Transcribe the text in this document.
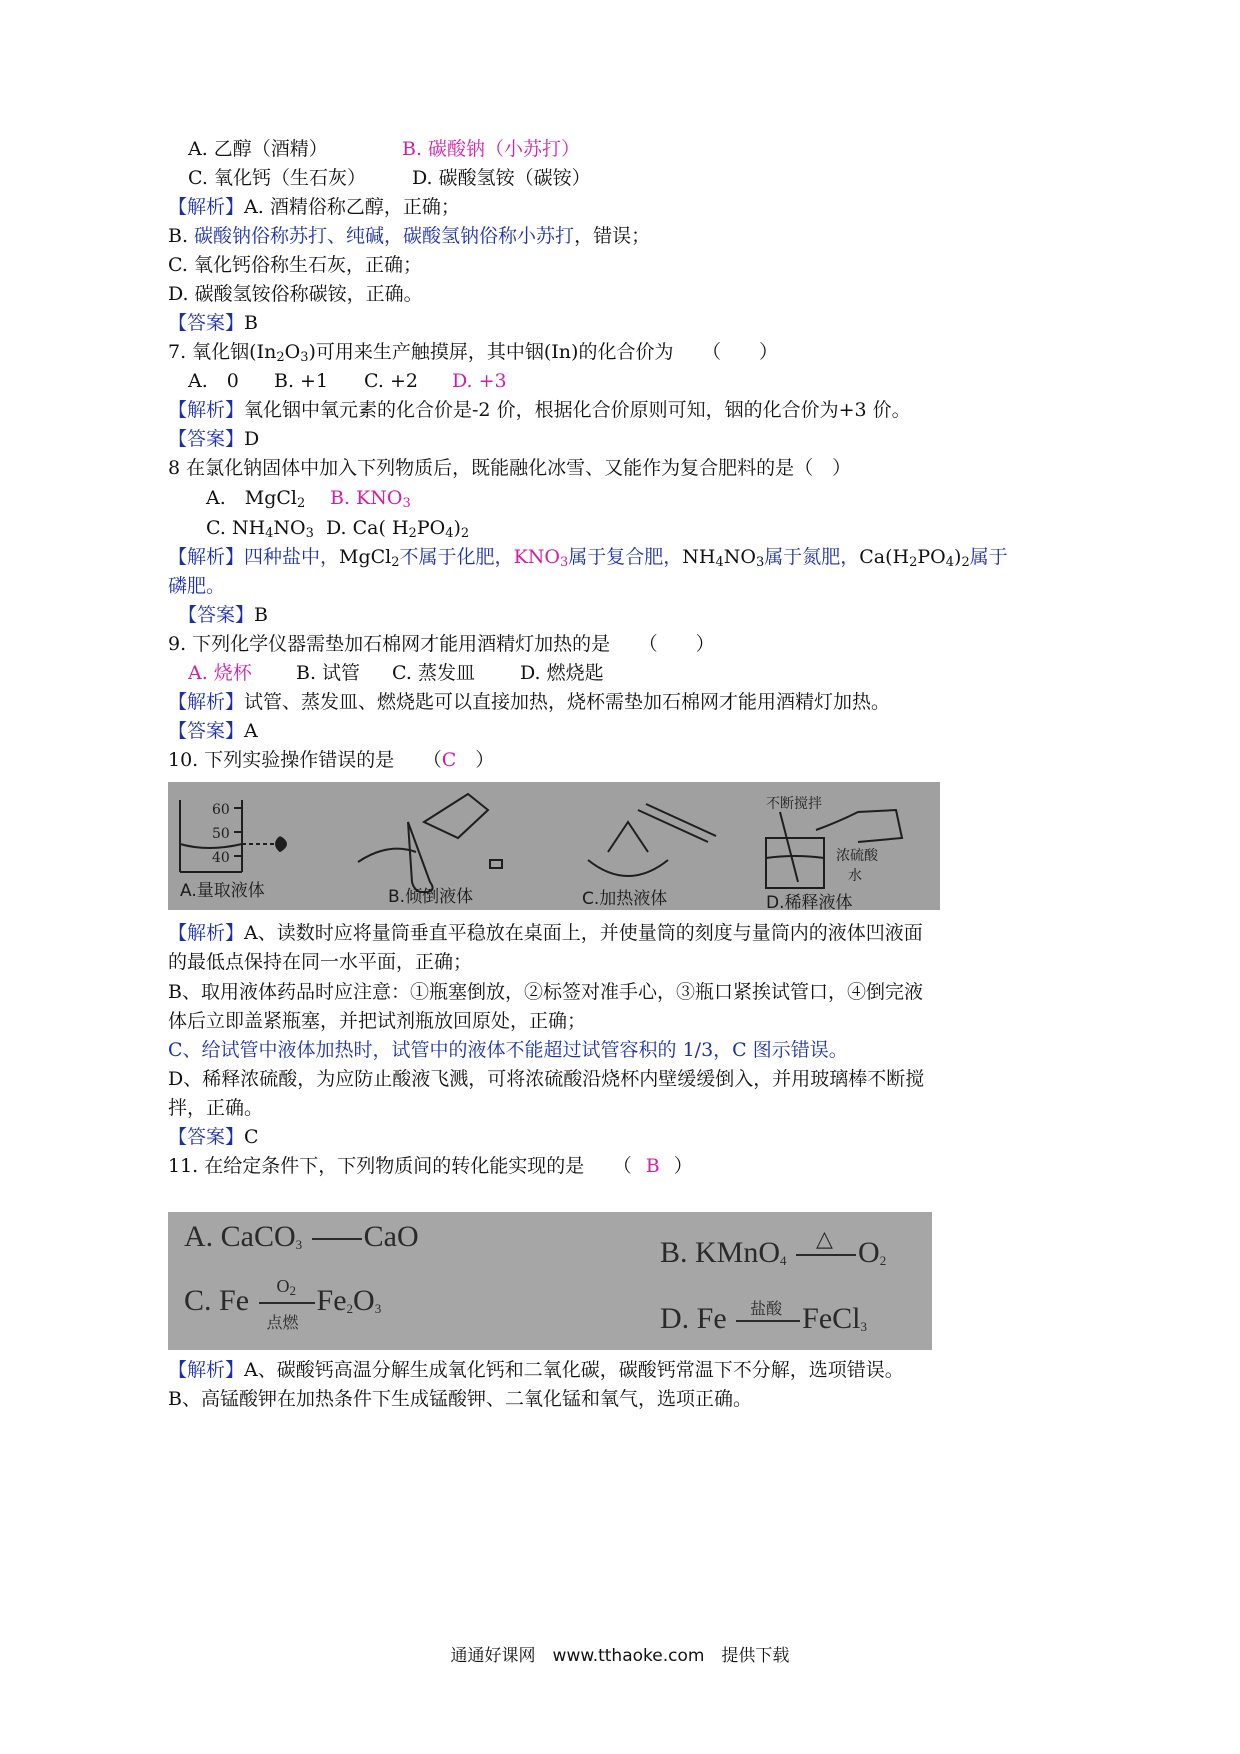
A. 乙醇（酒精）	B. 碳酸钠（小苏打）
C. 氧化钙（生石灰） D. 碳酸氢铵（碳铵）
【解析】A. 酒精俗称乙醇，正确；
B. 碳酸钠俗称苏打、纯碱，碳酸氢钠俗称小苏打，错误；
C. 氧化钙俗称生石灰，正确；
D. 碳酸氢铵俗称碳铵，正确。
【答案】B
7. 氧化铟$(In_2O_3)$可用来生产触摸屏，其中铟(In)的化合价为　　（　　）
A.　0 B. +1 C. +2 D. +3
【解析】氧化铟中氧元素的化合价是-2 价，根据化合价原则可知，铟的化合价为+3 价。
【答案】D
8 在氯化钠固体中加入下列物质后，既能融化冰雪、又能作为复合肥料的是（　）
A.　MgCl$_2$ B. $KNO_3$
C. $NH_4NO_3$ D. Ca( $H_2PO_4)_2$
【解析】四种盐中，MgCl$_2$不属于化肥，$KNO_3$属于复合肥，$NH_4NO_3$属于氮肥，$Ca(H_2PO_4)_2$属于
磷肥。
【答案】B
9. 下列化学仪器需垫加石棉网才能用酒精灯加热的是　　（　　）
A. 烧杯 B. 试管 C. 蒸发皿 D. 燃烧匙
【解析】试管、蒸发皿、燃烧匙可以直接加热，烧杯需垫加石棉网才能用酒精灯加热。
【答案】A
10. 下列实验操作错误的是　　（C　）
60
50
40
不断搅拌
浓硫酸
水
A.量取液体	B.倾倒液体	C.加热液体	D.稀释液体
【解析】A、读数时应将量筒垂直平稳放在桌面上，并使量筒的刻度与量筒内的液体凹液面
的最低点保持在同一水平面，正确；
B、取用液体药品时应注意：①瓶塞倒放，②标签对准手心，③瓶口紧挨试管口，④倒完液
体后立即盖紧瓶塞，并把试剂瓶放回原处，正确；
C、给试管中液体加热时，试管中的液体不能超过试管容积的 1/3，C 图示错误。
D、稀释浓硫酸，为应防止酸液飞溅，可将浓硫酸沿烧杯内壁缓缓倒入，并用玻璃棒不断搅
拌，正确。
【答案】C
11. 在给定条件下，下列物质间的转化能实现的是　　（ B ）
A. CaCO$_3$ CaO	B. KMnO$_4$
△ $O_2$
C. Fe $O_2$
点燃
$Fe_2O_3$	D. Fe 盐酸 FeCl$_3$
【解析】A、碳酸钙高温分解生成氧化钙和二氧化碳，碳酸钙常温下不分解，选项错误。
B、高锰酸钾在加热条件下生成锰酸钾、二氧化锰和氧气，选项正确。
通通好课网　www.tthaoke.com　提供下载
